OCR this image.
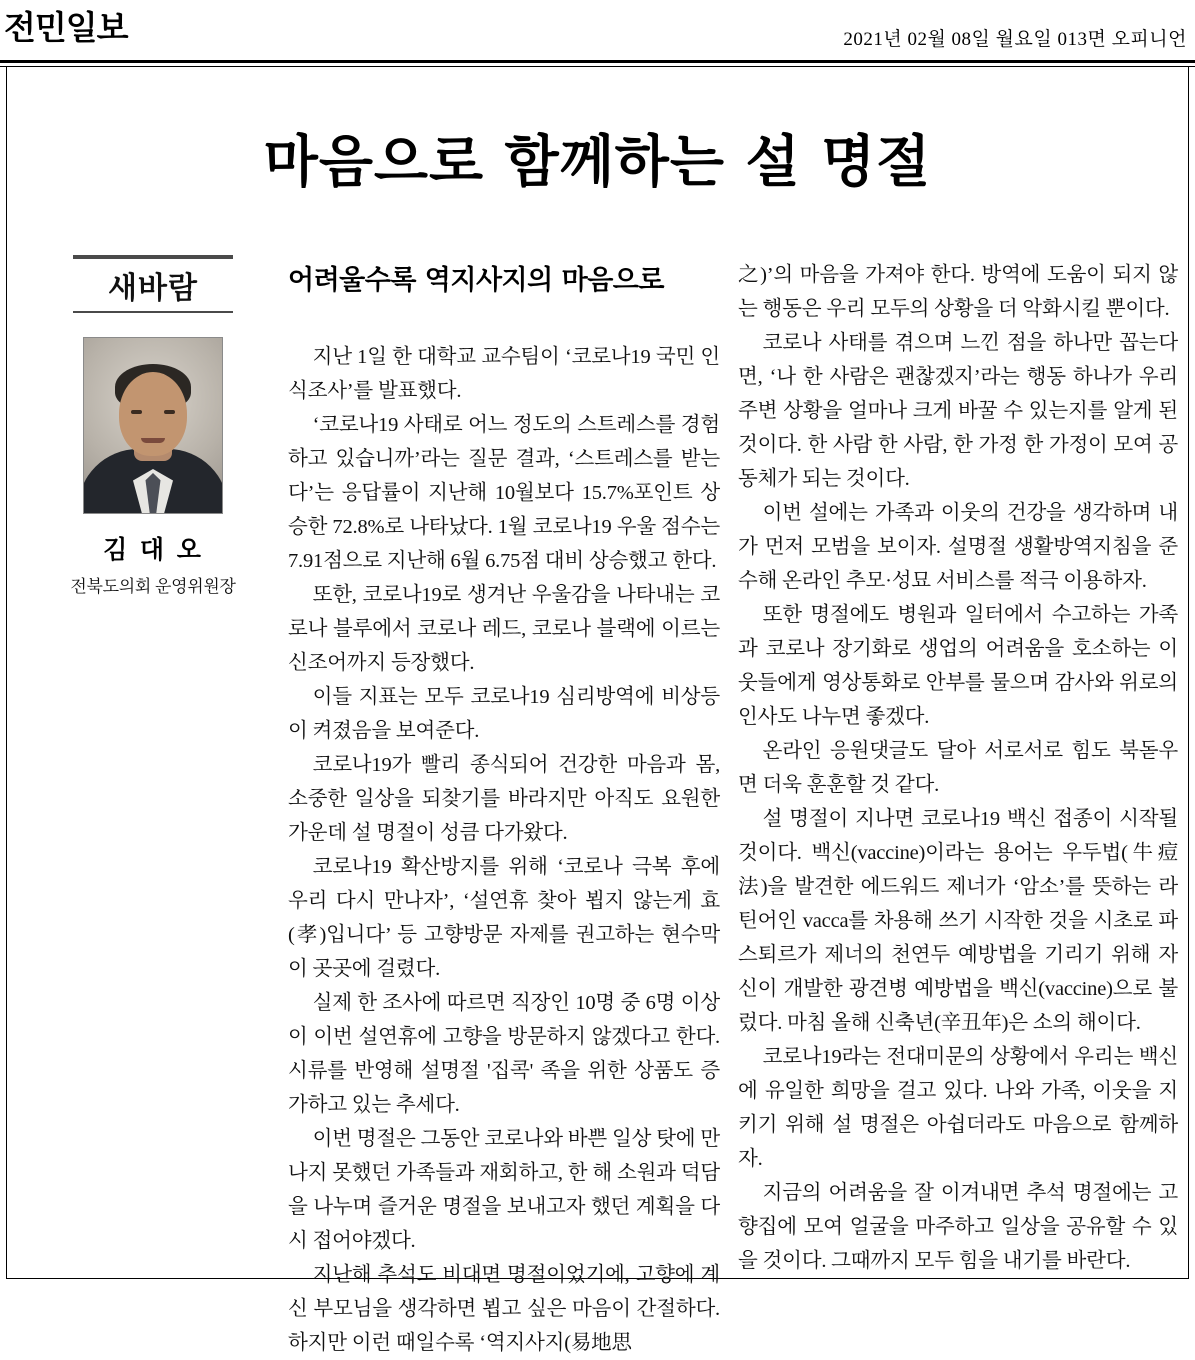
전민일보	2021년 02월 08일 월요일 013면 오피니언
마음으로 함께하는 설 명절
새바람
김 대 오
전북도의회 운영위원장
어려울수록 역지사지의 마음으로

지난 1일 한 대학교 교수팀이 ‘코로나19 국민 인식조사’를 발표했다.

‘코로나19 사태로 어느 정도의 스트레스를 경험하고 있습니까’라는 질문 결과, ‘스트레스를 받는다’는 응답률이 지난해 10월보다 15.7%포인트 상승한 72.8%로 나타났다. 1월 코로나19 우울 점수는 7.91점으로 지난해 6월 6.75점 대비 상승했고 한다.

또한, 코로나19로 생겨난 우울감을 나타내는 코로나 블루에서 코로나 레드, 코로나 블랙에 이르는 신조어까지 등장했다.

이들 지표는 모두 코로나19 심리방역에 비상등이 켜졌음을 보여준다.

코로나19가 빨리 종식되어 건강한 마음과 몸, 소중한 일상을 되찾기를 바라지만 아직도 요원한 가운데 설 명절이 성큼 다가왔다.

코로나19 확산방지를 위해 ‘코로나 극복 후에 우리 다시 만나자’, ‘설연휴 찾아 뵙지 않는게 효(孝)입니다’ 등 고향방문 자제를 권고하는 현수막이 곳곳에 걸렸다.

실제 한 조사에 따르면 직장인 10명 중 6명 이상이 이번 설연휴에 고향을 방문하지 않겠다고 한다. 시류를 반영해 설명절 '집콕' 족을 위한 상품도 증가하고 있는 추세다.

이번 명절은 그동안 코로나와 바쁜 일상 탓에 만나지 못했던 가족들과 재회하고, 한 해 소원과 덕담을 나누며 즐거운 명절을 보내고자 했던 계획을 다시 접어야겠다.

지난해 추석도 비대면 명절이었기에, 고향에 계신 부모님을 생각하면 뵙고 싶은 마음이 간절하다. 하지만 이런 때일수록 ‘역지사지(易地思

之)’의 마음을 가져야 한다. 방역에 도움이 되지 않는 행동은 우리 모두의 상황을 더 악화시킬 뿐이다.

코로나 사태를 겪으며 느낀 점을 하나만 꼽는다면, ‘나 한 사람은 괜찮겠지’라는 행동 하나가 우리 주변 상황을 얼마나 크게 바꿀 수 있는지를 알게 된 것이다. 한 사람 한 사람, 한 가정 한 가정이 모여 공동체가 되는 것이다.

이번 설에는 가족과 이웃의 건강을 생각하며 내가 먼저 모범을 보이자. 설명절 생활방역지침을 준수해 온라인 추모·성묘 서비스를 적극 이용하자.

또한 명절에도 병원과 일터에서 수고하는 가족과 코로나 장기화로 생업의 어려움을 호소하는 이웃들에게 영상통화로 안부를 물으며 감사와 위로의 인사도 나누면 좋겠다.

온라인 응원댓글도 달아 서로서로 힘도 북돋우면 더욱 훈훈할 것 같다.

설 명절이 지나면 코로나19 백신 접종이 시작될 것이다. 백신(vaccine)이라는 용어는 우두법(牛痘法)을 발견한 에드워드 제너가 ‘암소’를 뜻하는 라틴어인 vacca를 차용해 쓰기 시작한 것을 시초로 파스퇴르가 제너의 천연두 예방법을 기리기 위해 자신이 개발한 광견병 예방법을 백신(vaccine)으로 불렀다. 마침 올해 신축년(辛丑年)은 소의 해이다.

코로나19라는 전대미문의 상황에서 우리는 백신에 유일한 희망을 걸고 있다. 나와 가족, 이웃을 지키기 위해 설 명절은 아쉽더라도 마음으로 함께하자.

지금의 어려움을 잘 이겨내면 추석 명절에는 고향집에 모여 얼굴을 마주하고 일상을 공유할 수 있을 것이다. 그때까지 모두 힘을 내기를 바란다.
